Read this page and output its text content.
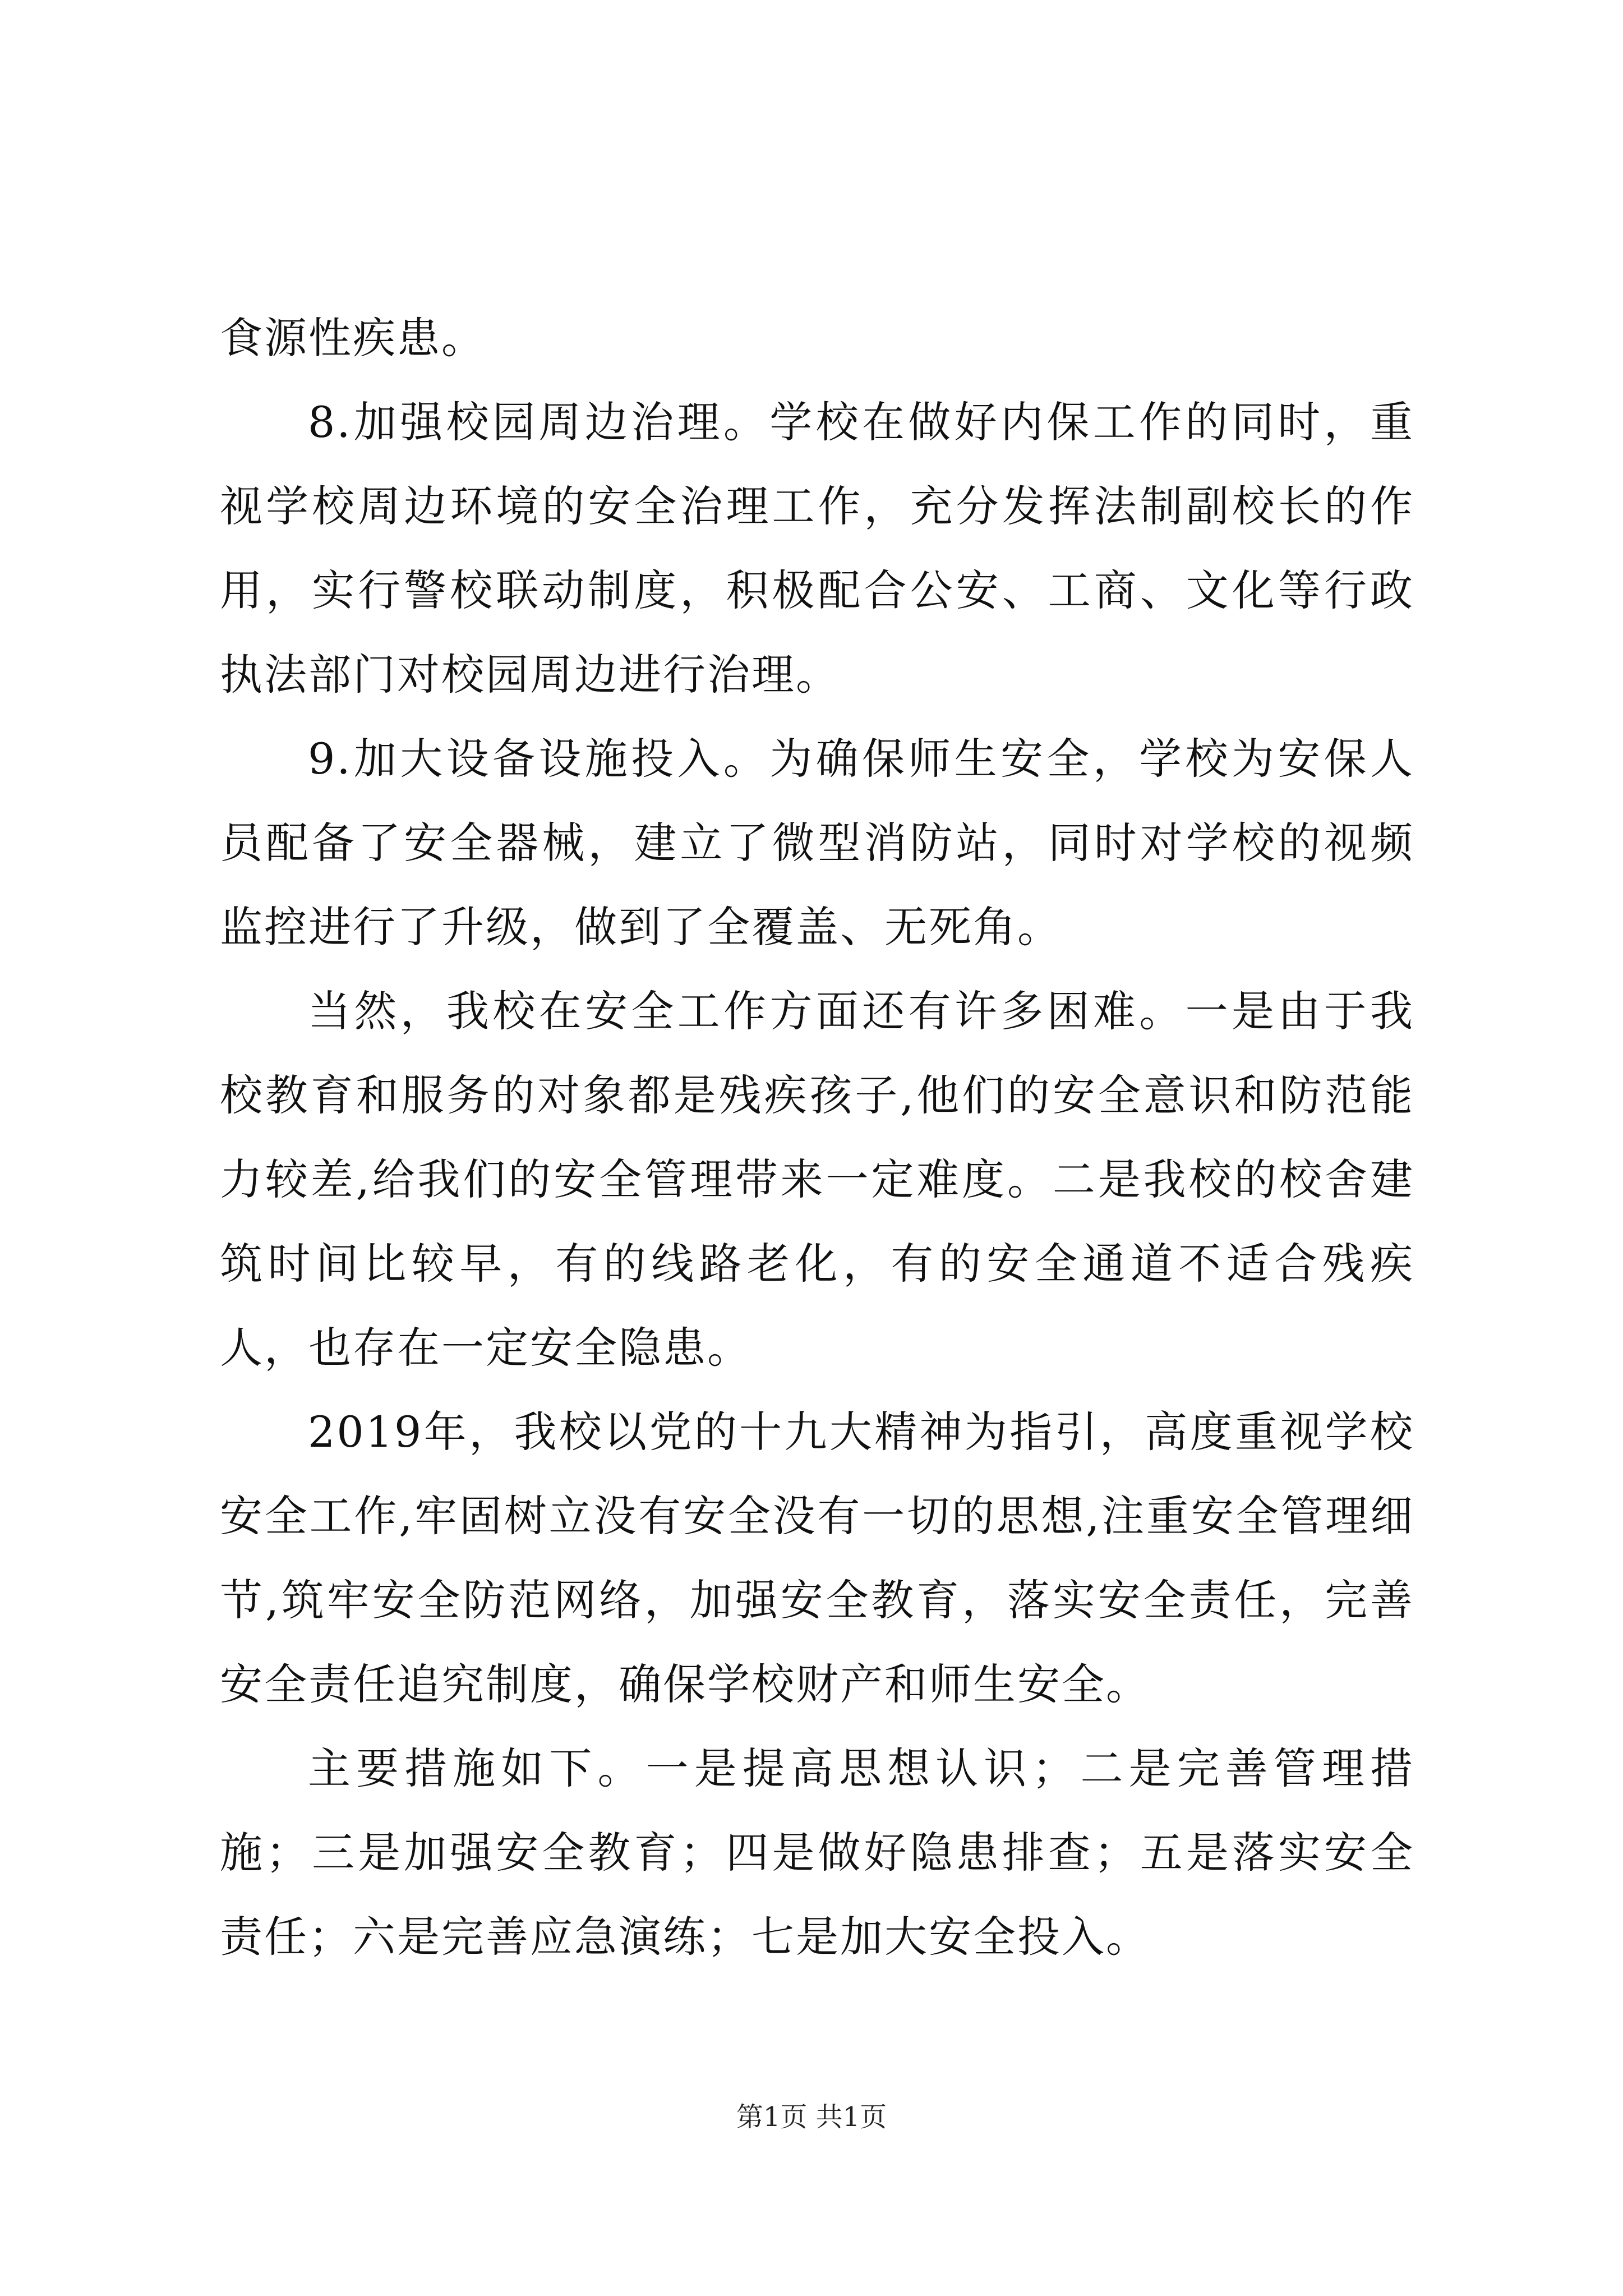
食源性疾患。

8.加强校园周边治理。学校在做好内保工作的同时，重视学校周边环境的安全治理工作，充分发挥法制副校长的作用，实行警校联动制度，积极配合公安、工商、文化等行政执法部门对校园周边进行治理。

9.加大设备设施投入。为确保师生安全，学校为安保人员配备了安全器械，建立了微型消防站，同时对学校的视频监控进行了升级，做到了全覆盖、无死角。

当然，我校在安全工作方面还有许多困难。一是由于我校教育和服务的对象都是残疾孩子,他们的安全意识和防范能力较差,给我们的安全管理带来一定难度。二是我校的校舍建筑时间比较早，有的线路老化，有的安全通道不适合残疾人，也存在一定安全隐患。

2019年，我校以党的十九大精神为指引，高度重视学校安全工作,牢固树立没有安全没有一切的思想,注重安全管理细节,筑牢安全防范网络，加强安全教育，落实安全责任，完善安全责任追究制度，确保学校财产和师生安全。

主要措施如下。一是提高思想认识；二是完善管理措施；三是加强安全教育；四是做好隐患排查；五是落实安全责任；六是完善应急演练；七是加大安全投入。

第1页 共1页
